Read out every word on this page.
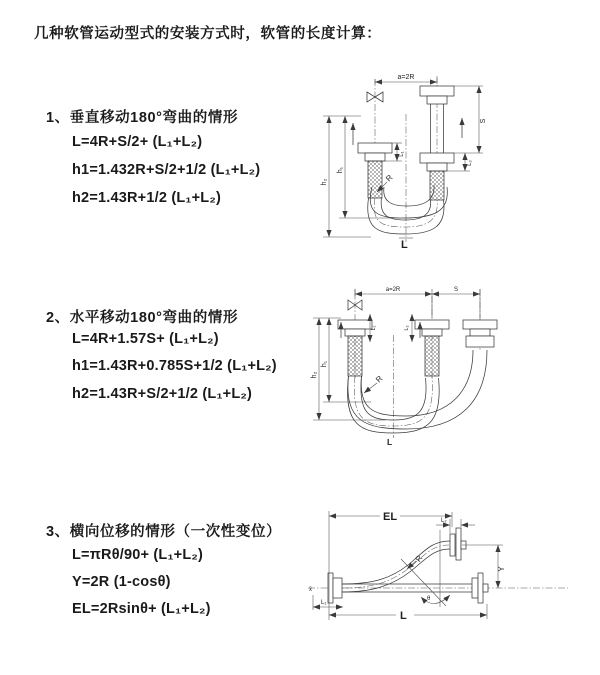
几种软管运动型式的安装方式时，软管的长度计算：
1、垂直移动180°弯曲的情形
L=4R+S/2+ (L₁+L₂)
h1=1.432R+S/2+1/2 (L₁+L₂)
h2=1.43R+1/2 (L₁+L₂)
2、水平移动180°弯曲的情形
L=4R+1.57S+ (L₁+L₂)
h1=1.43R+0.785S+1/2 (L₁+L₂)
h2=1.43R+S/2+1/2 (L₁+L₂)
3、横向位移的情形（一次性变位）
L=πRθ/90+ (L₁+L₂)
Y=2R (1-cosθ)
EL=2Rsinθ+ (L₁+L₂)
a=2R
h₁
h₂
L₁
S
L₂
R
L
a=2R	S
L₁	L₂
h₁
h₂	R
L
x̄
θ
EL	L₂
Y
L₁
L
R
